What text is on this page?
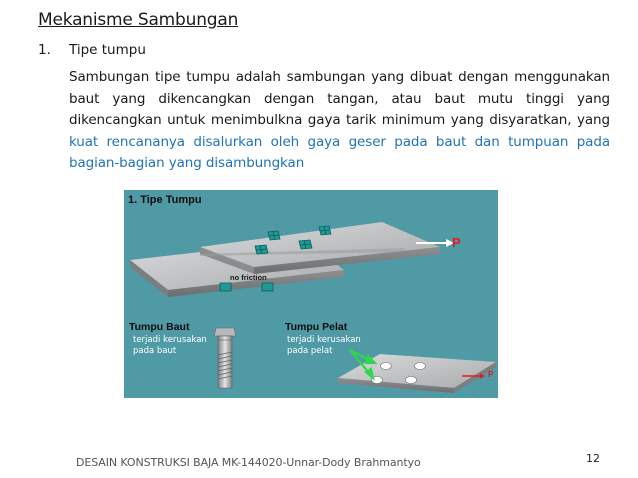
Mekanisme Sambungan
1. Tipe tumpu
Sambungan tipe tumpu adalah sambungan yang dibuat dengan menggunakan baut yang dikencangkan dengan tangan, atau baut mutu tinggi yang dikencangkan untuk menimbulkna gaya tarik minimum yang disyaratkan, yang kuat rencananya disalurkan oleh gaya geser pada baut dan tumpuan pada bagian-bagian yang disambungkan
1. Tipe Tumpu
no friction
P
Tumpu Baut
terjadi kerusakan
pada baut
Tumpu Pelat
terjadi kerusakan
pada pelat
P
DESAIN KONSTRUKSI BAJA MK-144020-Unnar-Dody Brahmantyo	12
